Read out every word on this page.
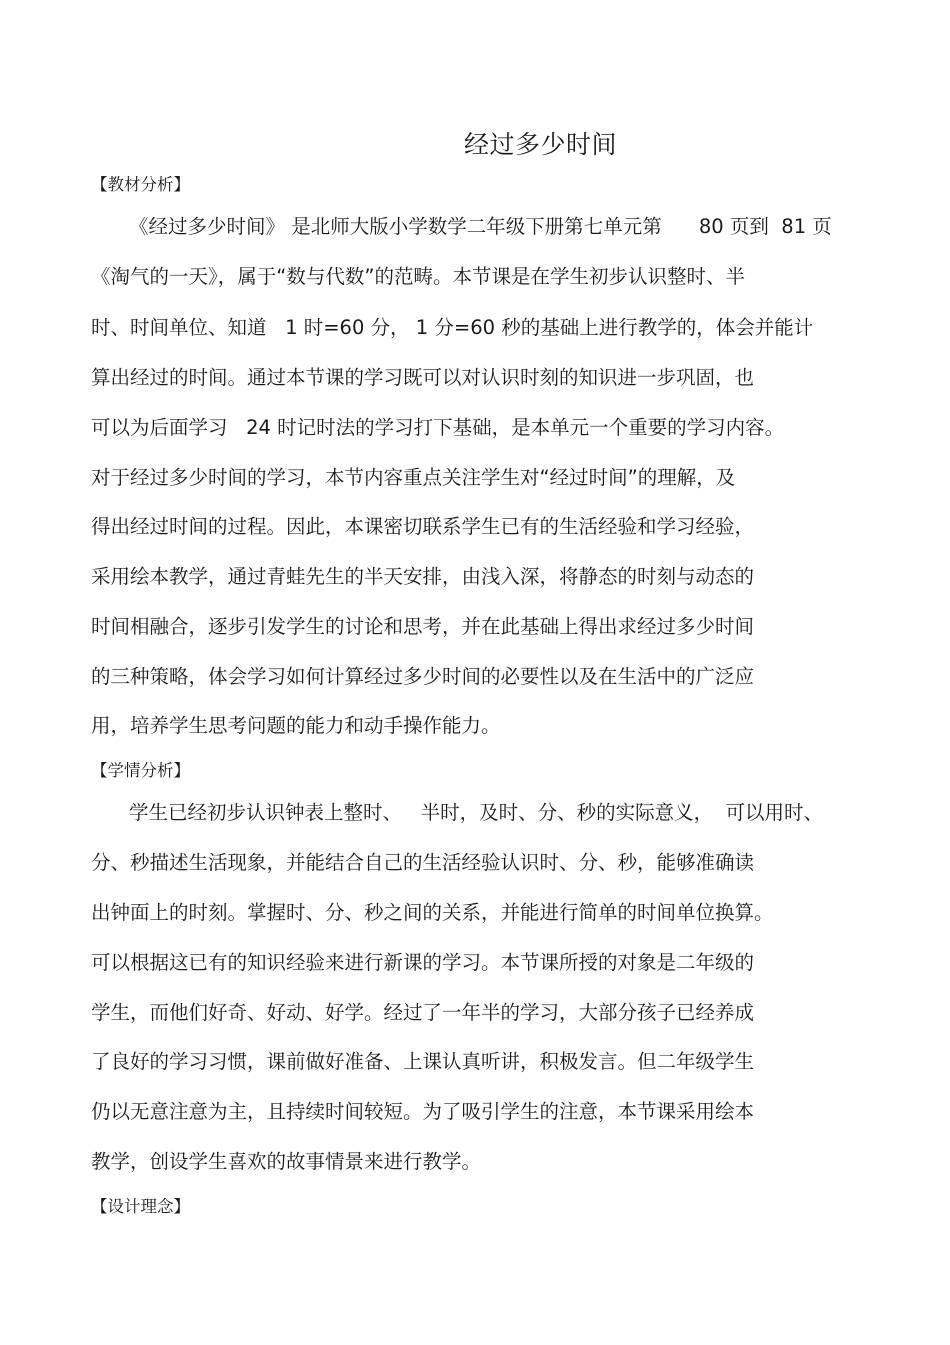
经过多少时间
【教材分析】
《经过多少时间》 是北师大版小学数学二年级下册第七单元第      80 页到  81 页
《淘气的一天》，属于“数与代数”的范畴。本节课是在学生初步认识整时、半
时、时间单位、知道   1 时=60 分， 1 分=60 秒的基础上进行教学的，体会并能计
算出经过的时间。通过本节课的学习既可以对认识时刻的知识进一步巩固，也
可以为后面学习   24 时记时法的学习打下基础，是本单元一个重要的学习内容。
对于经过多少时间的学习，本节内容重点关注学生对“经过时间”的理解，及
得出经过时间的过程。因此，本课密切联系学生已有的生活经验和学习经验，
采用绘本教学，通过青蛙先生的半天安排，由浅入深，将静态的时刻与动态的
时间相融合，逐步引发学生的讨论和思考，并在此基础上得出求经过多少时间
的三种策略，体会学习如何计算经过多少时间的必要性以及在生活中的广泛应
用，培养学生思考问题的能力和动手操作能力。
【学情分析】
学生已经初步认识钟表上整时、   半时，及时、分、秒的实际意义，  可以用时、
分、秒描述生活现象，并能结合自己的生活经验认识时、分、秒，能够准确读
出钟面上的时刻。掌握时、分、秒之间的关系，并能进行简单的时间单位换算。
可以根据这已有的知识经验来进行新课的学习。本节课所授的对象是二年级的
学生，而他们好奇、好动、好学。经过了一年半的学习，大部分孩子已经养成
了良好的学习习惯，课前做好准备、上课认真听讲，积极发言。但二年级学生
仍以无意注意为主，且持续时间较短。为了吸引学生的注意，本节课采用绘本
教学，创设学生喜欢的故事情景来进行教学。
【设计理念】
